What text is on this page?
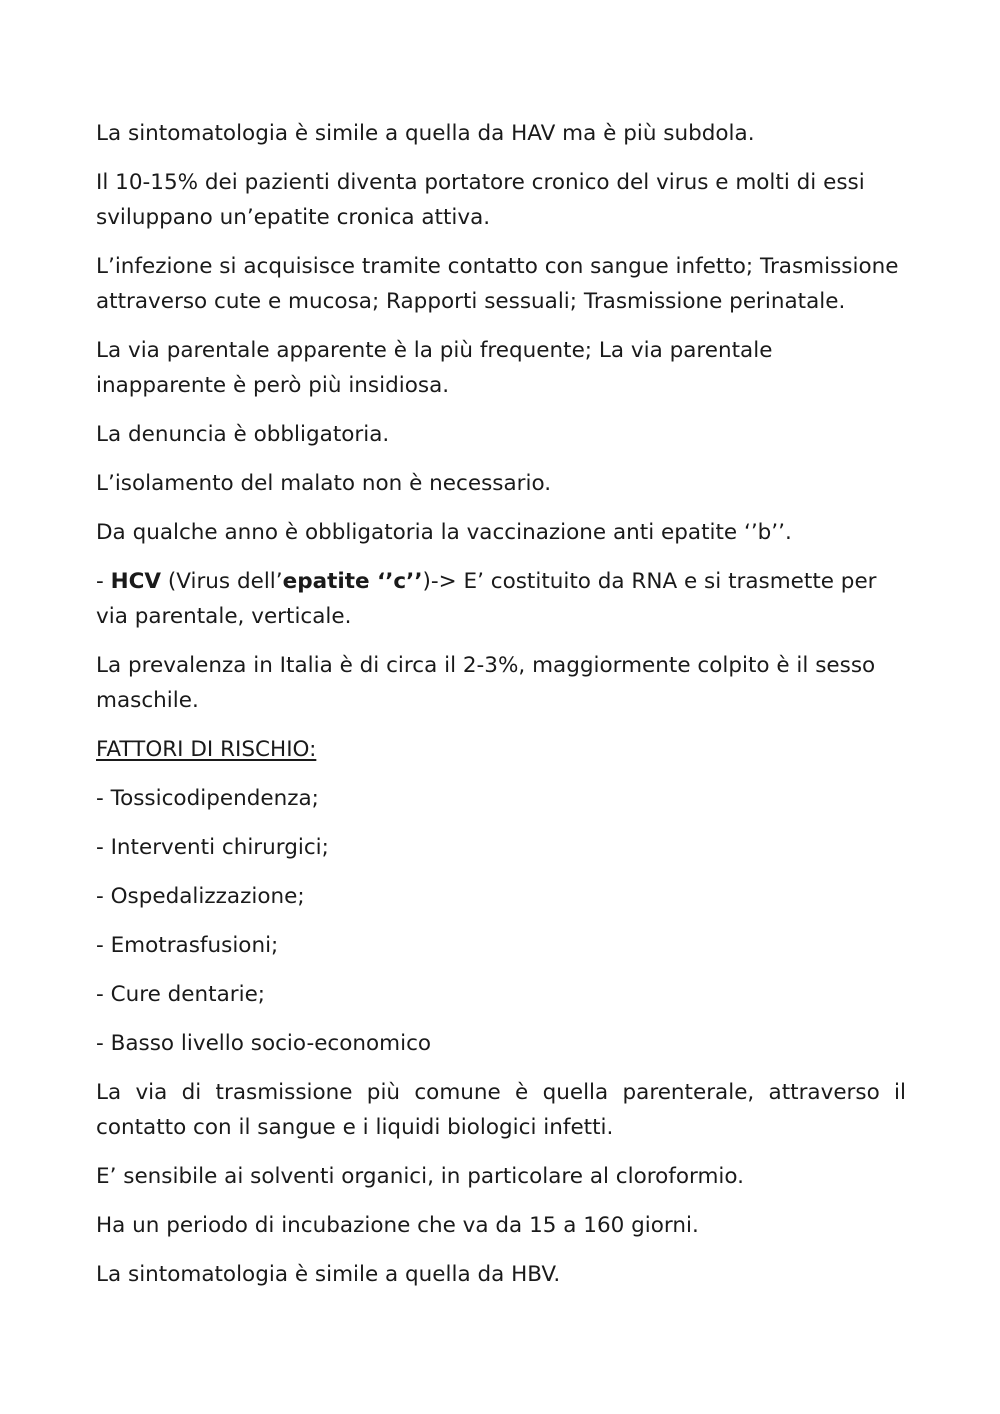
La sintomatologia è simile a quella da HAV ma è più subdola.

Il 10-15% dei pazienti diventa portatore cronico del virus e molti di essi sviluppano un’epatite cronica attiva.

L’infezione si acquisisce tramite contatto con sangue infetto; Trasmissione attraverso cute e mucosa; Rapporti sessuali; Trasmissione perinatale.

La via parentale apparente è la più frequente; La via parentale inapparente è però più insidiosa.

La denuncia è obbligatoria.

L’isolamento del malato non è necessario.

Da qualche anno è obbligatoria la vaccinazione anti epatite ‘’b’’.

- HCV (Virus dell’epatite ‘’c’’)-> E’ costituito da RNA e si trasmette per via parentale, verticale.

La prevalenza in Italia è di circa il 2-3%, maggiormente colpito è il sesso maschile.

FATTORI DI RISCHIO:

- Tossicodipendenza;

- Interventi chirurgici;

- Ospedalizzazione;

- Emotrasfusioni;

- Cure dentarie;

- Basso livello socio-economico

La via di trasmissione più comune è quella parenterale, attraverso il contatto con il sangue e i liquidi biologici infetti.

E’ sensibile ai solventi organici, in particolare al cloroformio.

Ha un periodo di incubazione che va da 15 a 160 giorni.

La sintomatologia è simile a quella da HBV.
